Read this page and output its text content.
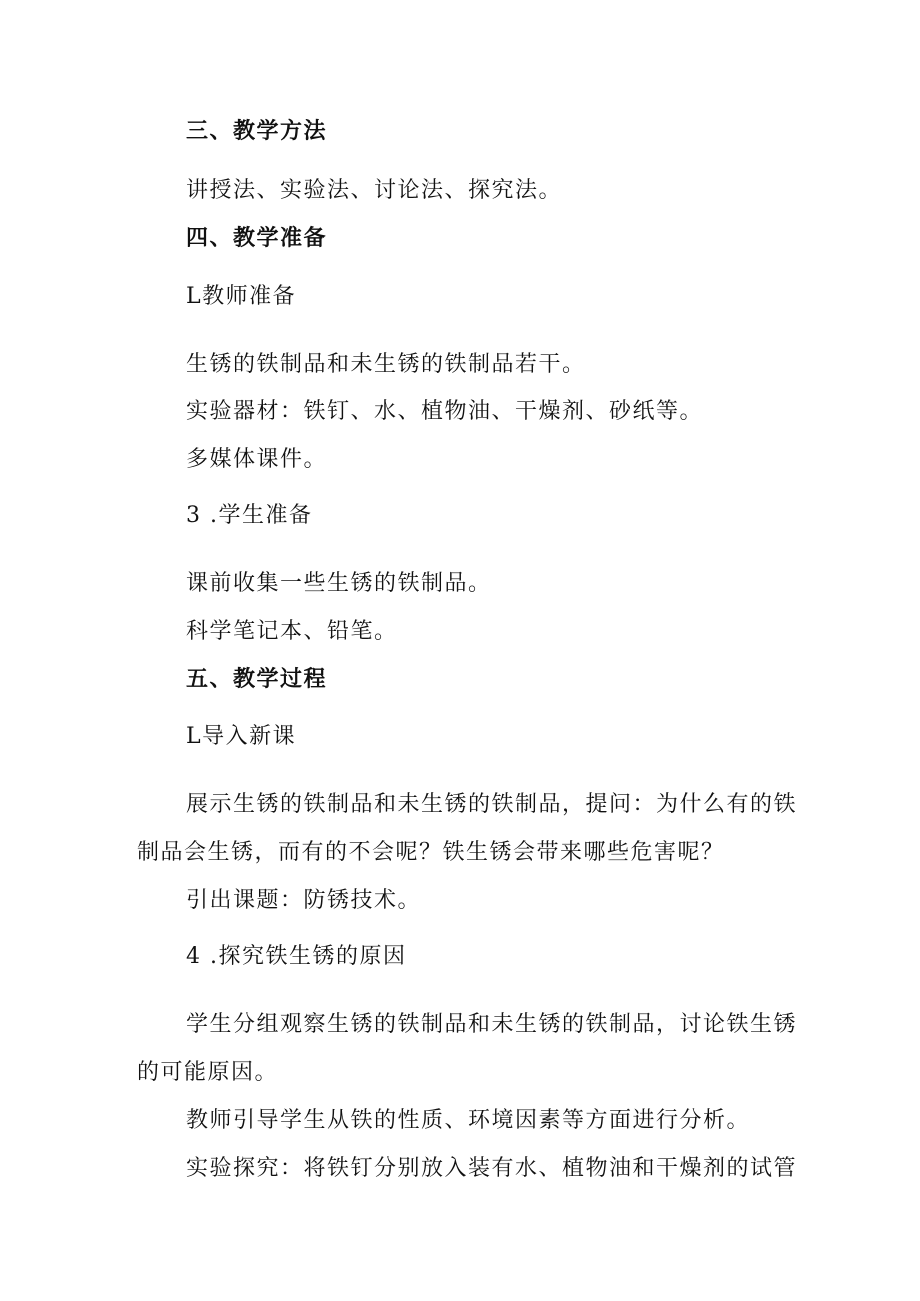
三、教学方法
讲授法、实验法、讨论法、探究法。
四、教学准备
L教师准备
生锈的铁制品和未生锈的铁制品若干。
实验器材：铁钉、水、植物油、干燥剂、砂纸等。
多媒体课件。
3 .学生准备
课前收集一些生锈的铁制品。
科学笔记本、铅笔。
五、教学过程
L导入新课
展示生锈的铁制品和未生锈的铁制品，提问：为什么有的铁
制品会生锈，而有的不会呢？铁生锈会带来哪些危害呢？
引出课题：防锈技术。
4 .探究铁生锈的原因
学生分组观察生锈的铁制品和未生锈的铁制品，讨论铁生锈
的可能原因。
教师引导学生从铁的性质、环境因素等方面进行分析。
实验探究：将铁钉分别放入装有水、植物油和干燥剂的试管
